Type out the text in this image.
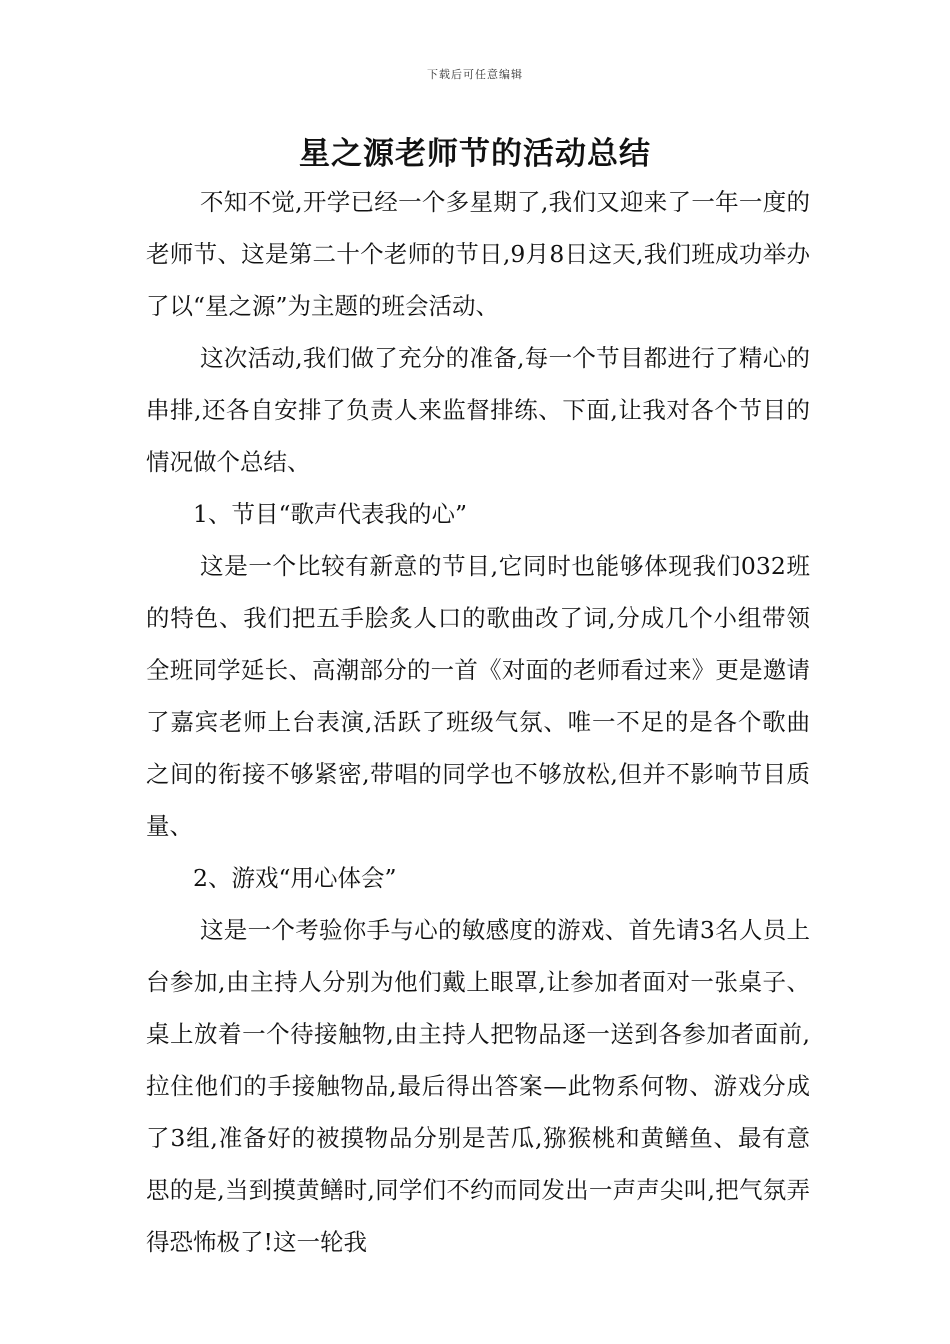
下载后可任意编辑
星之源老师节的活动总结

不知不觉,开学已经一个多星期了,我们又迎来了一年一度的老师节、这是第二十个老师的节日,9月8日这天,我们班成功举办了以“星之源”为主题的班会活动、

这次活动,我们做了充分的准备,每一个节目都进行了精心的串排,还各自安排了负责人来监督排练、下面,让我对各个节目的情况做个总结、

1、节目“歌声代表我的心”

这是一个比较有新意的节目,它同时也能够体现我们032班的特色、我们把五手脍炙人口的歌曲改了词,分成几个小组带领全班同学延长、高潮部分的一首《对面的老师看过来》更是邀请了嘉宾老师上台表演,活跃了班级气氛、唯一不足的是各个歌曲之间的衔接不够紧密,带唱的同学也不够放松,但并不影响节目质量、

2、游戏“用心体会”

这是一个考验你手与心的敏感度的游戏、首先请3名人员上台参加,由主持人分别为他们戴上眼罩,让参加者面对一张桌子、桌上放着一个待接触物,由主持人把物品逐一送到各参加者面前,拉住他们的手接触物品,最后得出答案—此物系何物、游戏分成了3组,准备好的被摸物品分别是苦瓜,猕猴桃和黄鳝鱼、最有意思的是,当到摸黄鳝时,同学们不约而同发出一声声尖叫,把气氛弄得恐怖极了!这一轮我
